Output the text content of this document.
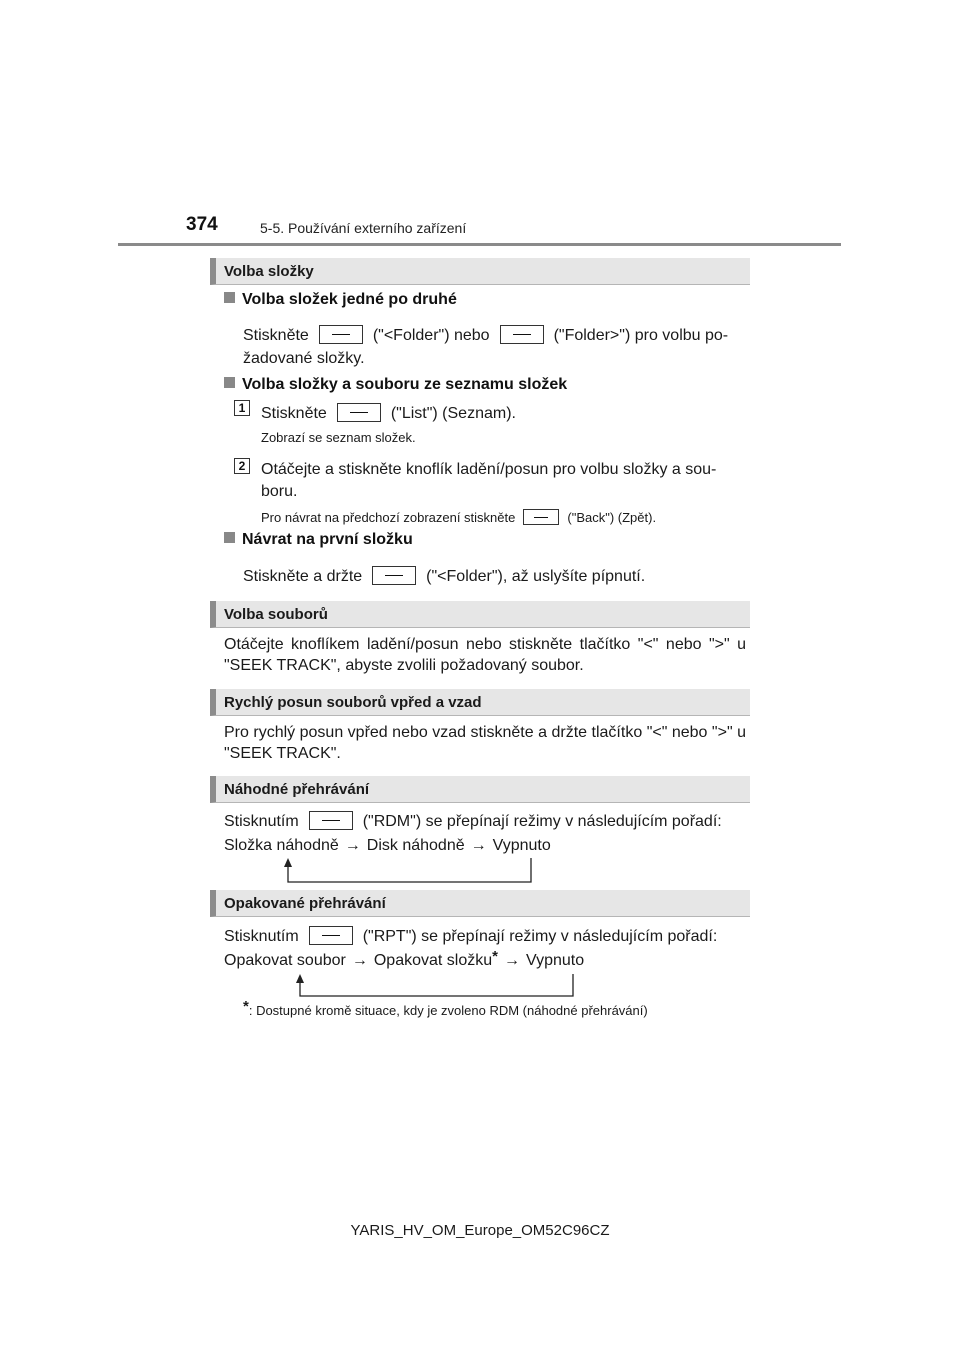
374	5-5. Používání externího zařízení
Volba složky
Volba složek jedné po druhé
Stiskněte	("<Folder") nebo	("Folder>") pro volbu po-
žadované složky.
Volba složky a souboru ze seznamu složek
1 Stiskněte	("List") (Seznam).
Zobrazí se seznam složek.
2 Otáčejte a stiskněte knoflík ladění/posun pro volbu složky a sou-
boru.
Pro návrat na předchozí zobrazení stiskněte	("Back") (Zpět).
Návrat na první složku
Stiskněte a držte	("<Folder"), až uslyšíte pípnutí.
Volba souborů
Otáčejte knoflíkem ladění/posun nebo stiskněte tlačítko "<" nebo ">" u "SEEK TRACK", abyste zvolili požadovaný soubor.
Rychlý posun souborů vpřed a vzad
Pro rychlý posun vpřed nebo vzad stiskněte a držte tlačítko "<" nebo ">" u "SEEK TRACK".
Náhodné přehrávání
Stisknutím	("RDM") se přepínají režimy v následujícím pořadí:
Složka náhodně → Disk náhodně → Vypnuto
Opakované přehrávání
Stisknutím	("RPT") se přepínají režimy v následujícím pořadí:
Opakovat soubor → Opakovat složku* → Vypnuto
*: Dostupné kromě situace, kdy je zvoleno RDM (náhodné přehrávání)
YARIS_HV_OM_Europe_OM52C96CZ
